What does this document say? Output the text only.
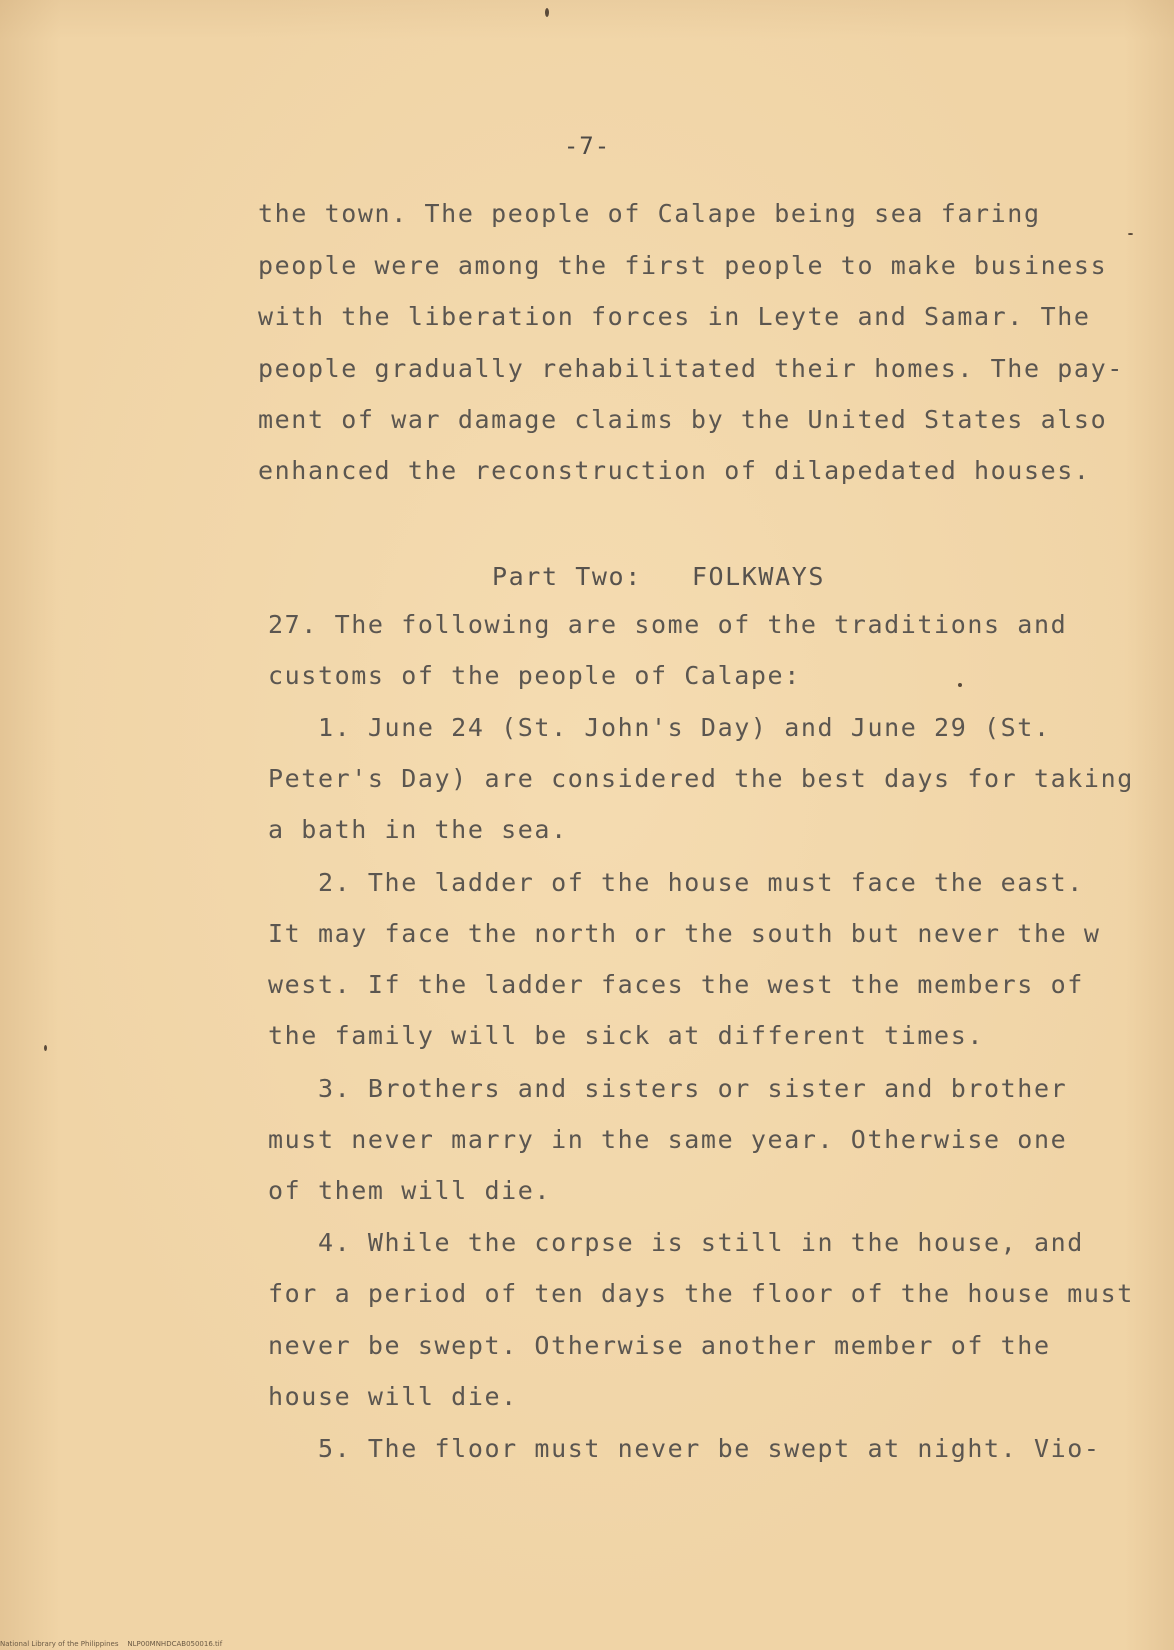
-7-
the town. The people of Calape being sea faring
people were among the first people to make business
with the liberation forces in Leyte and Samar. The
people gradually rehabilitated their homes. The pay-
ment of war damage claims by the United States also
enhanced the reconstruction of dilapedated houses.
Part Two:   FOLKWAYS
27. The following are some of the traditions and
customs of the people of Calape:
1. June 24 (St. John's Day) and June 29 (St.
Peter's Day) are considered the best days for taking
a bath in the sea.
2. The ladder of the house must face the east.
It may face the north or the south but never the w
west. If the ladder faces the west the members of
the family will be sick at different times.
3. Brothers and sisters or sister and brother
must never marry in the same year. Otherwise one
of them will die.
4. While the corpse is still in the house, and
for a period of ten days the floor of the house must
never be swept. Otherwise another member of the
house will die.
5. The floor must never be swept at night. Vio-
National Library of the Philippines    NLP00MNHDCAB050016.tif
